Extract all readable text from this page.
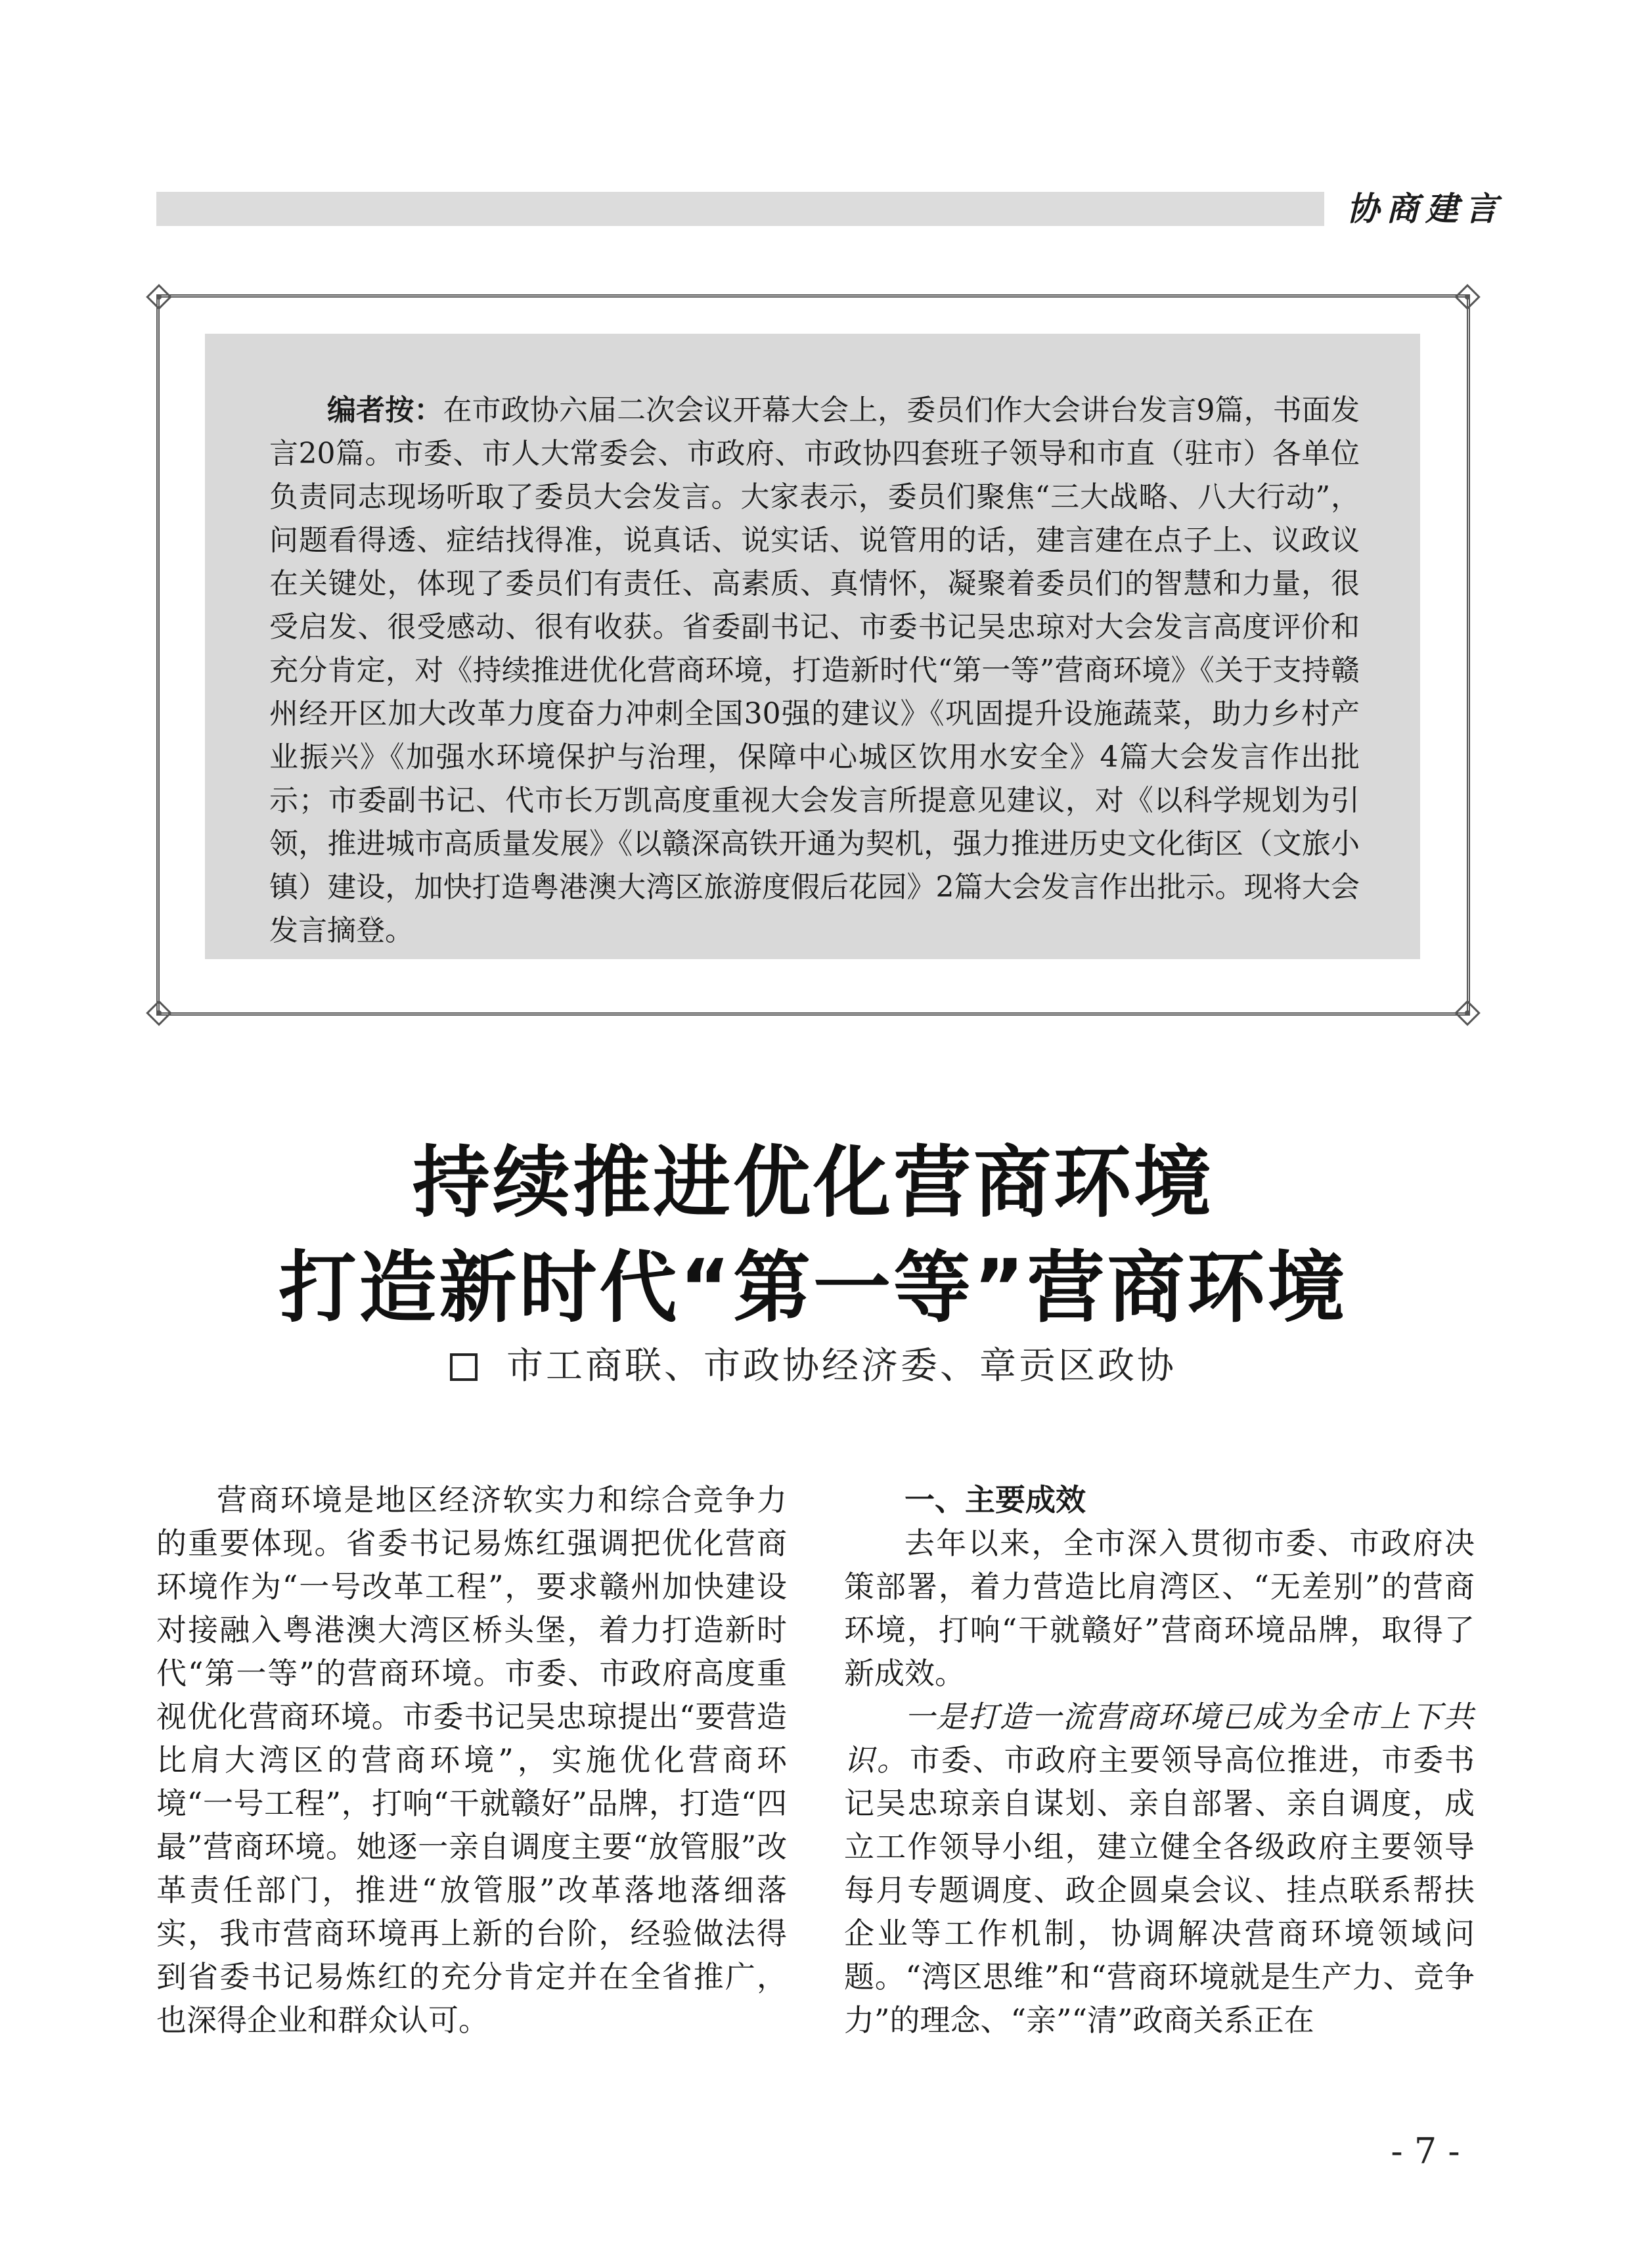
协商建言

编者按：在市政协六届二次会议开幕大会上，委员们作大会讲台发言9篇，书面发言20篇。市委、市人大常委会、市政府、市政协四套班子领导和市直（驻市）各单位负责同志现场听取了委员大会发言。大家表示，委员们聚焦“三大战略、八大行动”，问题看得透、症结找得准，说真话、说实话、说管用的话，建言建在点子上、议政议在关键处，体现了委员们有责任、高素质、真情怀，凝聚着委员们的智慧和力量，很受启发、很受感动、很有收获。省委副书记、市委书记吴忠琼对大会发言高度评价和充分肯定，对《持续推进优化营商环境，打造新时代“第一等”营商环境》《关于支持赣州经开区加大改革力度奋力冲刺全国30强的建议》《巩固提升设施蔬菜，助力乡村产业振兴》《加强水环境保护与治理，保障中心城区饮用水安全》4篇大会发言作出批示；市委副书记、代市长万凯高度重视大会发言所提意见建议，对《以科学规划为引领，推进城市高质量发展》《以赣深高铁开通为契机，强力推进历史文化街区（文旅小镇）建设，加快打造粤港澳大湾区旅游度假后花园》2篇大会发言作出批示。现将大会发言摘登。

持续推进优化营商环境
打造新时代“第一等”营商环境
市工商联、市政协经济委、章贡区政协

营商环境是地区经济软实力和综合竞争力的重要体现。省委书记易炼红强调把优化营商环境作为“一号改革工程”，要求赣州加快建设对接融入粤港澳大湾区桥头堡，着力打造新时代“第一等”的营商环境。市委、市政府高度重视优化营商环境。市委书记吴忠琼提出“要营造比肩大湾区的营商环境”，实施优化营商环境“一号工程”，打响“干就赣好”品牌，打造“四最”营商环境。她逐一亲自调度主要“放管服”改革责任部门，推进“放管服”改革落地落细落实，我市营商环境再上新的台阶，经验做法得到省委书记易炼红的充分肯定并在全省推广，也深得企业和群众认可。

一、主要成效

去年以来，全市深入贯彻市委、市政府决策部署，着力营造比肩湾区、“无差别”的营商环境，打响“干就赣好”营商环境品牌，取得了新成效。

一是打造一流营商环境已成为全市上下共识。市委、市政府主要领导高位推进，市委书记吴忠琼亲自谋划、亲自部署、亲自调度，成立工作领导小组，建立健全各级政府主要领导每月专题调度、政企圆桌会议、挂点联系帮扶企业等工作机制，协调解决营商环境领域问题。“湾区思维”和“营商环境就是生产力、竞争力”的理念、“亲”“清”政商关系正在

- 7 -
